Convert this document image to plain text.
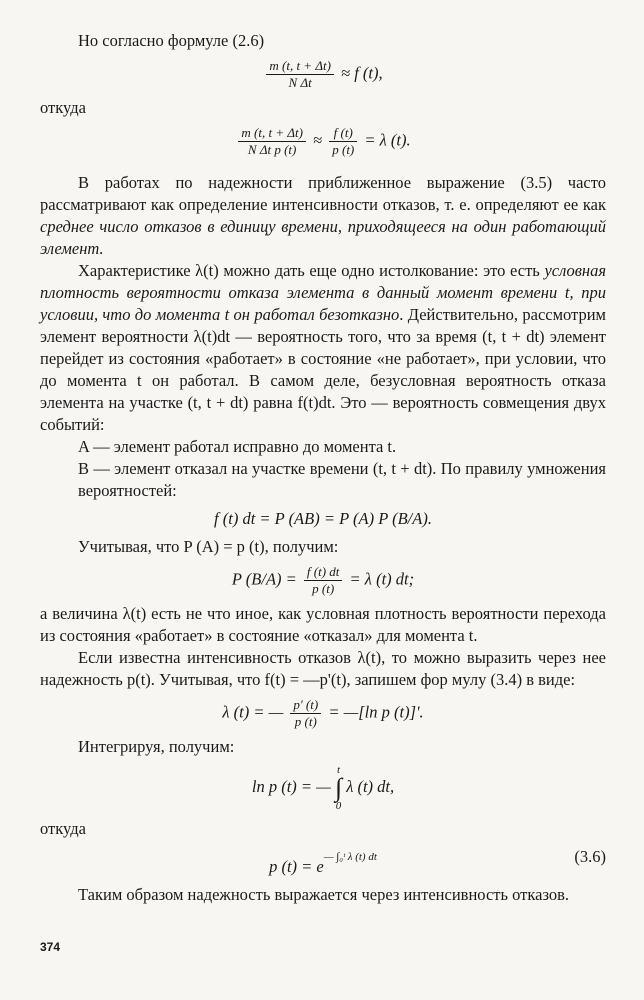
Но согласно формуле (2.6)

$\frac{m (t, t + \Delta t)}{\text{N Δt}} \approx f$ (t),

откуда

$\frac{m (t, t + \Delta t)}{\text{N Δt p (t)}} \approx \frac{f (t)}{p (t)} = \lambda$ (t).

В работах по надежности приближенное выражение (3.5) часто рассматривают как определение интенсивности отказов, т. е. определяют ее как среднее число отказов в единицу времени, приходящееся на один работающий элемент.

Характеристике λ(t) можно дать еще одно истолкование: это есть условная плотность вероятности отказа элемента в данный момент времени t, при условии, что до момента t он работал безотказно. Действительно, рассмотрим элемент вероятности λ(t)dt — вероятность того, что за время (t, t + dt) элемент перейдет из состояния «работает» в состояние «не работает», при условии, что до момента t он работал. В самом деле, безусловная вероятность отказа элемента на участке (t, t + dt) равна f(t)dt. Это — вероятность совмещения двух событий:

A — элемент работал исправно до момента t.

B — элемент отказал на участке времени (t, t + dt). По правилу умножения вероятностей:

f (t) dt = P (AB) = P (A) P (B/A).

Учитывая, что P (A) = p (t), получим:

P $(B/A) = \frac{f (t) dt}{p (t)} = \lambda$ (t) dt;

а величина λ(t) есть не что иное, как условная плотность вероятности перехода из состояния «работает» в состояние «отказал» для момента t.

Если известна интенсивность отказов λ(t), то можно выразить через нее надежность p(t). Учитывая, что f(t) = —p'(t), запишем фор мулу (3.4) в виде:

λ (t) = — $\frac{p' (t)}{p (t)}$ = —[ln p (t)]'.

Интегрируя, получим:

ln p (t) = — t
∫
0 λ (t) dt,

откуда

p (t) = e— ∫₀ᵗ λ (t) dt	(3.6)

Таким образом надежность выражается через интенсивность отказов.

374
